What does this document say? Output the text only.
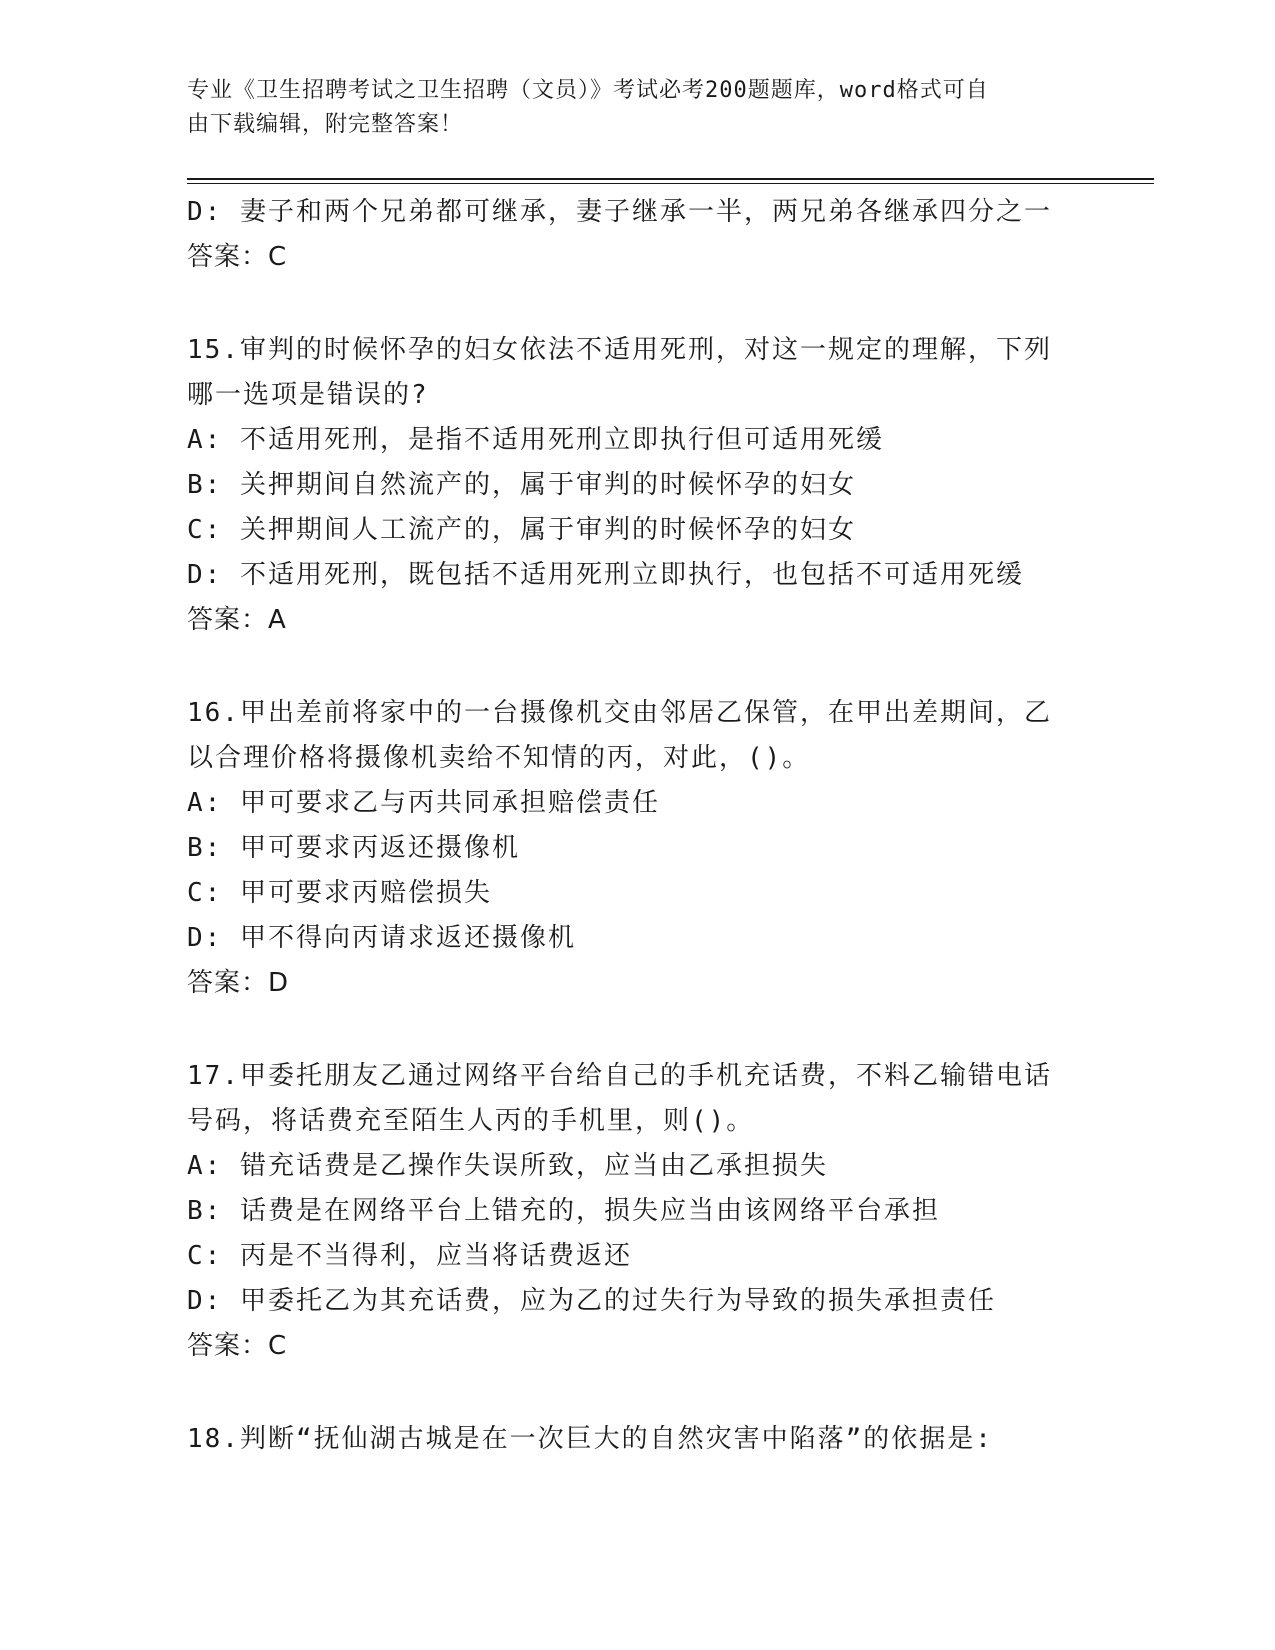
专业《卫生招聘考试之卫生招聘（文员）》考试必考200题题库，word格式可自
由下载编辑，附完整答案！
D: 妻子和两个兄弟都可继承，妻子继承一半，两兄弟各继承四分之一
答案：C
15.审判的时候怀孕的妇女依法不适用死刑，对这一规定的理解，下列
哪一选项是错误的?
A: 不适用死刑，是指不适用死刑立即执行但可适用死缓
B: 关押期间自然流产的，属于审判的时候怀孕的妇女
C: 关押期间人工流产的，属于审判的时候怀孕的妇女
D: 不适用死刑，既包括不适用死刑立即执行，也包括不可适用死缓
答案：A
16.甲出差前将家中的一台摄像机交由邻居乙保管，在甲出差期间，乙
以合理价格将摄像机卖给不知情的丙，对此，()。
A: 甲可要求乙与丙共同承担赔偿责任
B: 甲可要求丙返还摄像机
C: 甲可要求丙赔偿损失
D: 甲不得向丙请求返还摄像机
答案：D
17.甲委托朋友乙通过网络平台给自己的手机充话费，不料乙输错电话
号码，将话费充至陌生人丙的手机里，则()。
A: 错充话费是乙操作失误所致，应当由乙承担损失
B: 话费是在网络平台上错充的，损失应当由该网络平台承担
C: 丙是不当得利，应当将话费返还
D: 甲委托乙为其充话费，应为乙的过失行为导致的损失承担责任
答案：C
18.判断“抚仙湖古城是在一次巨大的自然灾害中陷落”的依据是:
